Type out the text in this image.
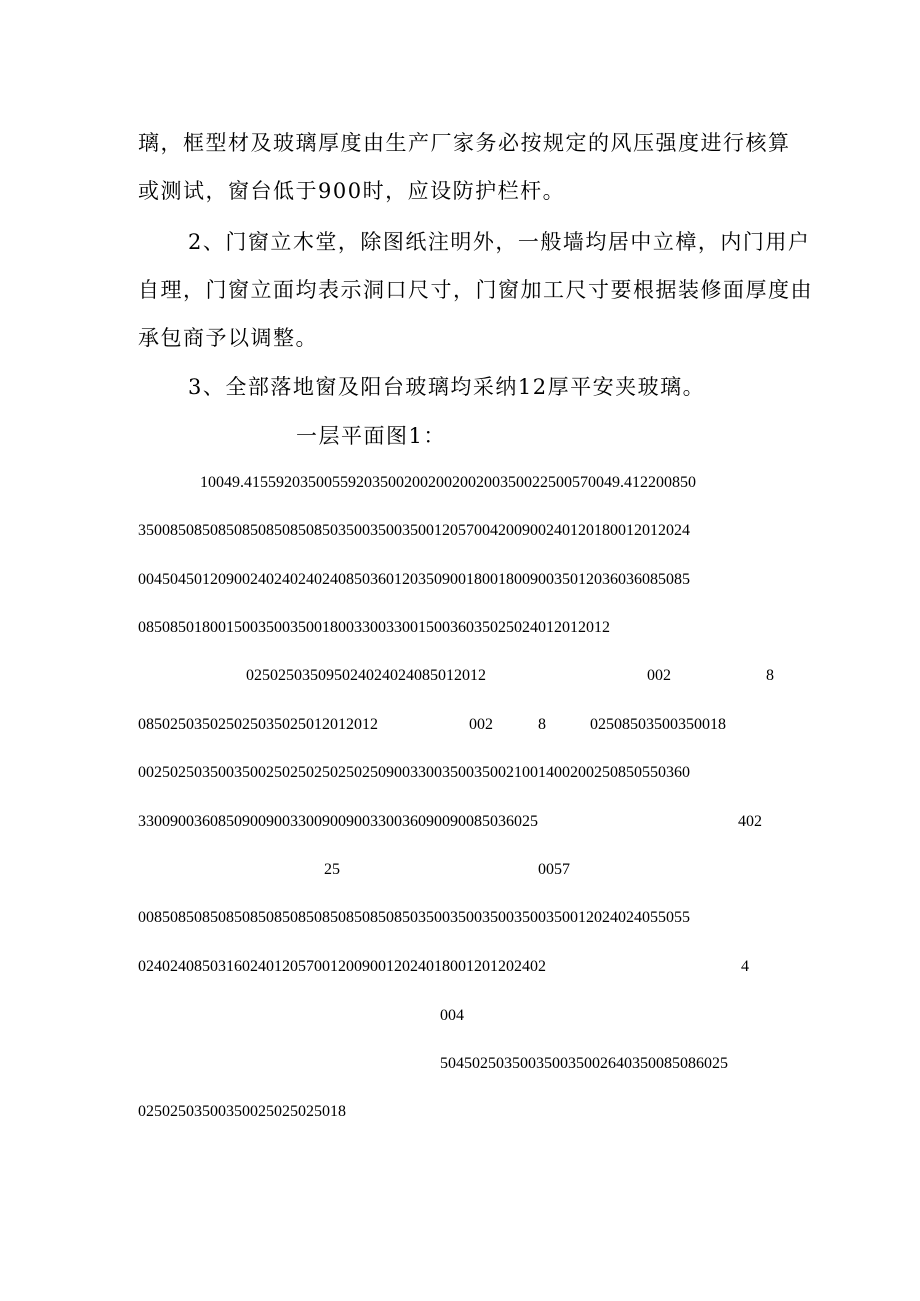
璃，框型材及玻璃厚度由生产厂家务必按规定的风压强度进行核算
或测试，窗台低于900时，应设防护栏杆。
2、门窗立木堂，除图纸注明外，一般墙均居中立樟，内门用户
自理，门窗立面均表示洞口尺寸，门窗加工尺寸要根据装修面厚度由
承包商予以调整。
3、全部落地窗及阳台玻璃均采纳12厚平安夹玻璃。
一层平面图1：
10049.41559203500559203500200200200200350022500570049.412200850
350085085085085085085085035003500350012057004200900240120180012012024
004504501209002402402402408503601203509001800180090035012036036085085
08508501800150035003500180033003300150036035025024012012012
025025035095024024024085012012	002	8
085025035025025035025012012012	002	8	02508503500350018
002502503500350025025025025025090033003500350021001400200250850550360
33009003608509009003300900900330036090090085036025	402
25	0057
008508508508508508508508508508508503500350035003500350012024024055055
024024085031602401205700120090012024018001201202402	4
004
504502503500350035002640350085086025
02502503500350025025025018
